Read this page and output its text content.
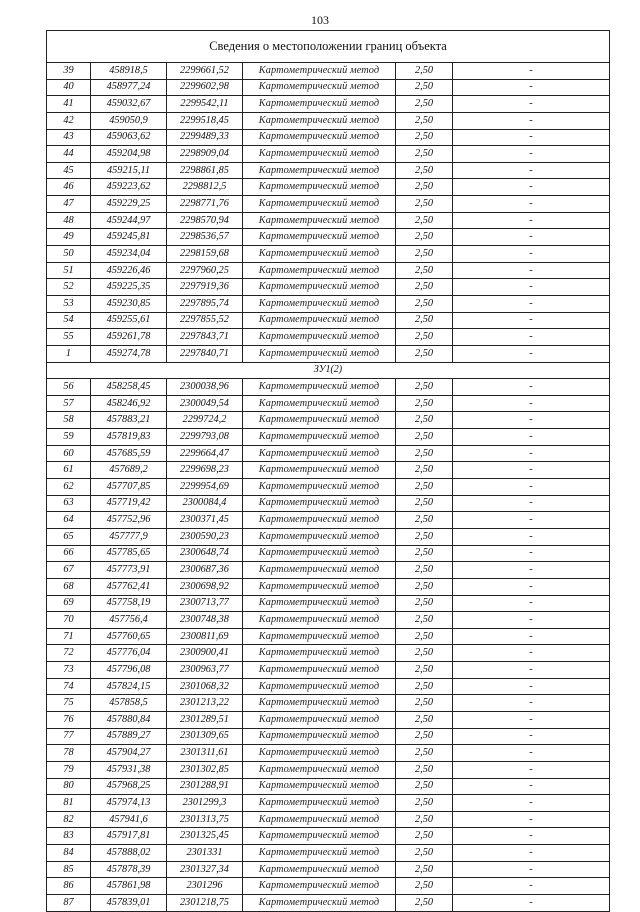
103
Сведения о местоположении границ объекта					
39	458918,5	2299661,52	Картометрический метод	2,50	-
40	458977,24	2299602,98	Картометрический метод	2,50	-
41	459032,67	2299542,11	Картометрический метод	2,50	-
42	459050,9	2299518,45	Картометрический метод	2,50	-
43	459063,62	2299489,33	Картометрический метод	2,50	-
44	459204,98	2298909,04	Картометрический метод	2,50	-
45	459215,11	2298861,85	Картометрический метод	2,50	-
46	459223,62	2298812,5	Картометрический метод	2,50	-
47	459229,25	2298771,76	Картометрический метод	2,50	-
48	459244,97	2298570,94	Картометрический метод	2,50	-
49	459245,81	2298536,57	Картометрический метод	2,50	-
50	459234,04	2298159,68	Картометрический метод	2,50	-
51	459226,46	2297960,25	Картометрический метод	2,50	-
52	459225,35	2297919,36	Картометрический метод	2,50	-
53	459230,85	2297895,74	Картометрический метод	2,50	-
54	459255,61	2297855,52	Картометрический метод	2,50	-
55	459261,78	2297843,71	Картометрический метод	2,50	-
1	459274,78	2297840,71	Картометрический метод	2,50	-
ЗУ1(2)					
56	458258,45	2300038,96	Картометрический метод	2,50	-
57	458246,92	2300049,54	Картометрический метод	2,50	-
58	457883,21	2299724,2	Картометрический метод	2,50	-
59	457819,83	2299793,08	Картометрический метод	2,50	-
60	457685,59	2299664,47	Картометрический метод	2,50	-
61	457689,2	2299698,23	Картометрический метод	2,50	-
62	457707,85	2299954,69	Картометрический метод	2,50	-
63	457719,42	2300084,4	Картометрический метод	2,50	-
64	457752,96	2300371,45	Картометрический метод	2,50	-
65	457777,9	2300590,23	Картометрический метод	2,50	-
66	457785,65	2300648,74	Картометрический метод	2,50	-
67	457773,91	2300687,36	Картометрический метод	2,50	-
68	457762,41	2300698,92	Картометрический метод	2,50	-
69	457758,19	2300713,77	Картометрический метод	2,50	-
70	457756,4	2300748,38	Картометрический метод	2,50	-
71	457760,65	2300811,69	Картометрический метод	2,50	-
72	457776,04	2300900,41	Картометрический метод	2,50	-
73	457796,08	2300963,77	Картометрический метод	2,50	-
74	457824,15	2301068,32	Картометрический метод	2,50	-
75	457858,5	2301213,22	Картометрический метод	2,50	-
76	457880,84	2301289,51	Картометрический метод	2,50	-
77	457889,27	2301309,65	Картометрический метод	2,50	-
78	457904,27	2301311,61	Картометрический метод	2,50	-
79	457931,38	2301302,85	Картометрический метод	2,50	-
80	457968,25	2301288,91	Картометрический метод	2,50	-
81	457974,13	2301299,3	Картометрический метод	2,50	-
82	457941,6	2301313,75	Картометрический метод	2,50	-
83	457917,81	2301325,45	Картометрический метод	2,50	-
84	457888,02	2301331	Картометрический метод	2,50	-
85	457878,39	2301327,34	Картометрический метод	2,50	-
86	457861,98	2301296	Картометрический метод	2,50	-
87	457839,01	2301218,75	Картометрический метод	2,50	-
